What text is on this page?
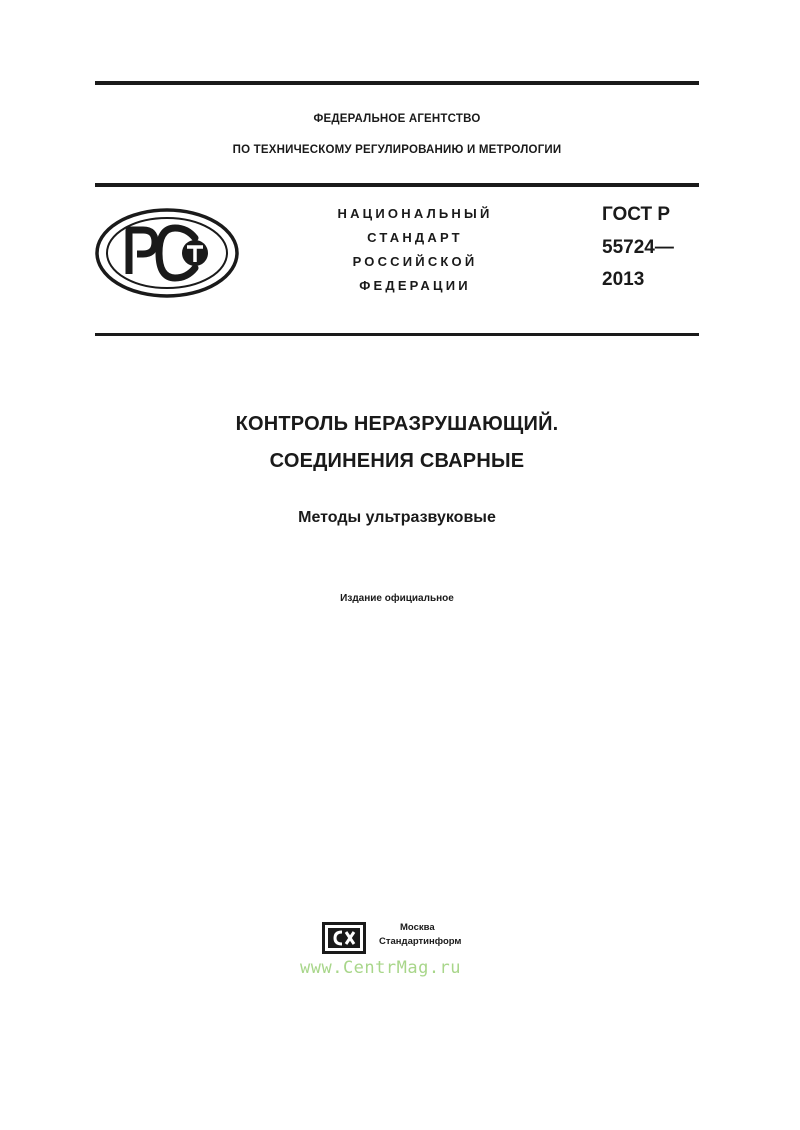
ФЕДЕРАЛЬНОЕ АГЕНТСТВО
ПО ТЕХНИЧЕСКОМУ РЕГУЛИРОВАНИЮ И МЕТРОЛОГИИ
НАЦИОНАЛЬНЫЙ
СТАНДАРТ
РОССИЙСКОЙ
ФЕДЕРАЦИИ
ГОСТ Р
55724—
2013
КОНТРОЛЬ НЕРАЗРУШАЮЩИЙ.
СОЕДИНЕНИЯ СВАРНЫЕ
Методы ультразвуковые
Издание официальное
Москва
Стандартинформ
www.CentrMag.ru
